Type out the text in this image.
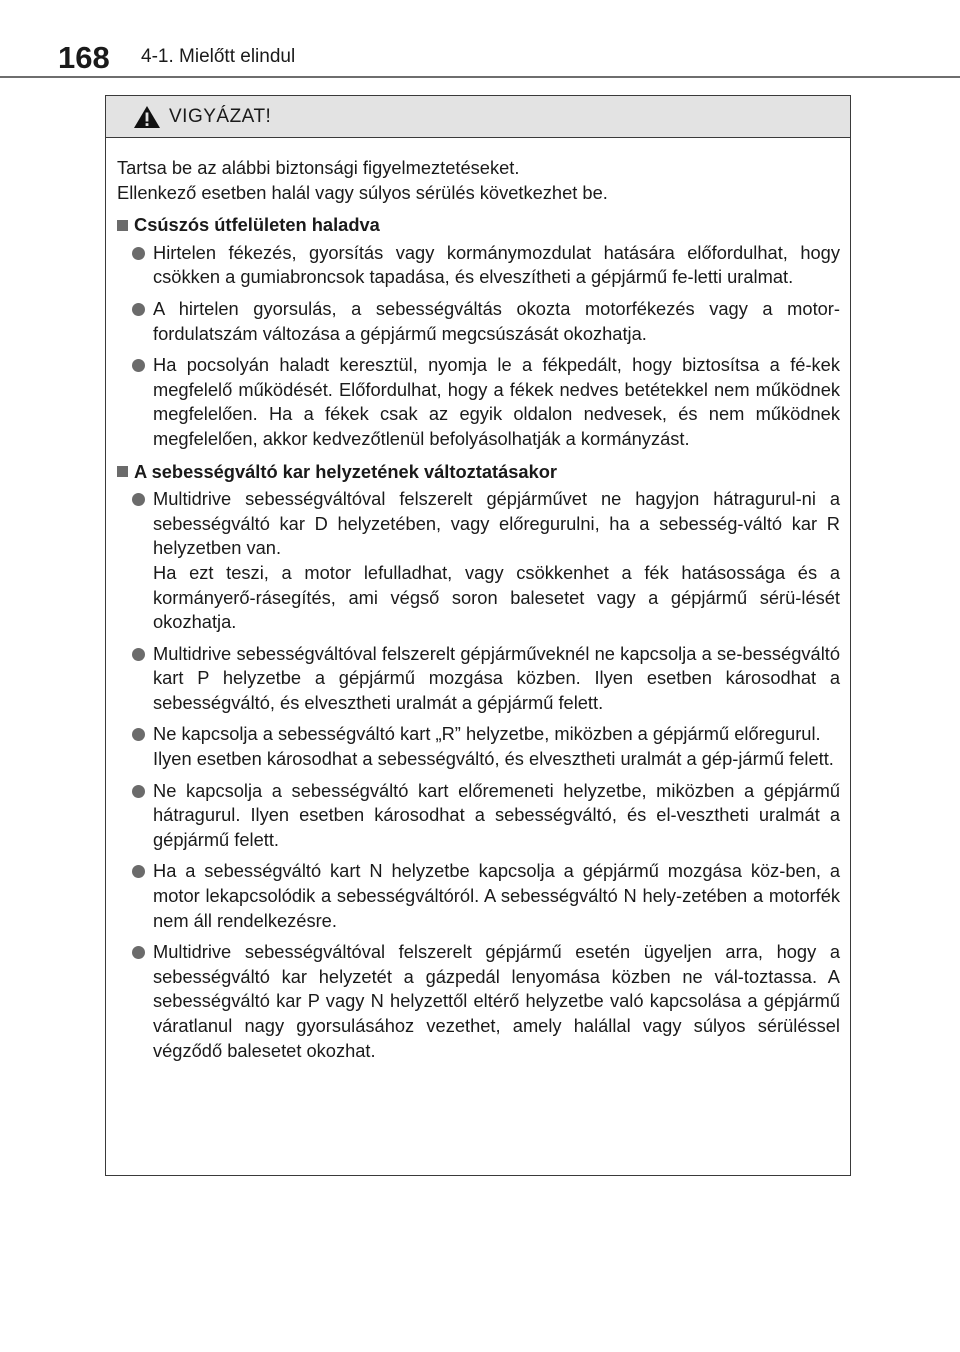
168 4-1. Mielőtt elindul
VIGYÁZAT!

Tartsa be az alábbi biztonsági figyelmeztetéseket.

Ellenkező esetben halál vagy súlyos sérülés következhet be.

Csúszós útfelületen haladva

Hirtelen fékezés, gyorsítás vagy kormánymozdulat hatására előfordulhat, hogy csökken a gumiabroncsok tapadása, és elveszítheti a gépjármű fe-letti uralmat.

A hirtelen gyorsulás, a sebességváltás okozta motorfékezés vagy a motor-fordulatszám változása a gépjármű megcsúszását okozhatja.

Ha pocsolyán haladt keresztül, nyomja le a fékpedált, hogy biztosítsa a fé-kek megfelelő működését. Előfordulhat, hogy a fékek nedves betétekkel nem működnek megfelelően. Ha a fékek csak az egyik oldalon nedvesek, és nem működnek megfelelően, akkor kedvezőtlenül befolyásolhatják a kormányzást.

A sebességváltó kar helyzetének változtatásakor

Multidrive sebességváltóval felszerelt gépjárművet ne hagyjon hátragurul-ni a sebességváltó kar D helyzetében, vagy előregurulni, ha a sebesség-váltó kar R helyzetben van.

Ha ezt teszi, a motor lefulladhat, vagy csökkenhet a fék hatásossága és a kormányerő-rásegítés, ami végső soron balesetet vagy a gépjármű sérü-lését okozhatja.

Multidrive sebességváltóval felszerelt gépjárműveknél ne kapcsolja a se-bességváltó kart P helyzetbe a gépjármű mozgása közben. Ilyen esetben károsodhat a sebességváltó, és elvesztheti uralmát a gépjármű felett.

Ne kapcsolja a sebességváltó kart „R” helyzetbe, miközben a gépjármű előregurul.

Ilyen esetben károsodhat a sebességváltó, és elvesztheti uralmát a gép-jármű felett.

Ne kapcsolja a sebességváltó kart előremeneti helyzetbe, miközben a gépjármű hátragurul. Ilyen esetben károsodhat a sebességváltó, és el-vesztheti uralmát a gépjármű felett.

Ha a sebességváltó kart N helyzetbe kapcsolja a gépjármű mozgása köz-ben, a motor lekapcsolódik a sebességváltóról. A sebességváltó N hely-zetében a motorfék nem áll rendelkezésre.

Multidrive sebességváltóval felszerelt gépjármű esetén ügyeljen arra, hogy a sebességváltó kar helyzetét a gázpedál lenyomása közben ne vál-toztassa. A sebességváltó kar P vagy N helyzettől eltérő helyzetbe való kapcsolása a gépjármű váratlanul nagy gyorsulásához vezethet, amely halállal vagy súlyos sérüléssel végződő balesetet okozhat.
